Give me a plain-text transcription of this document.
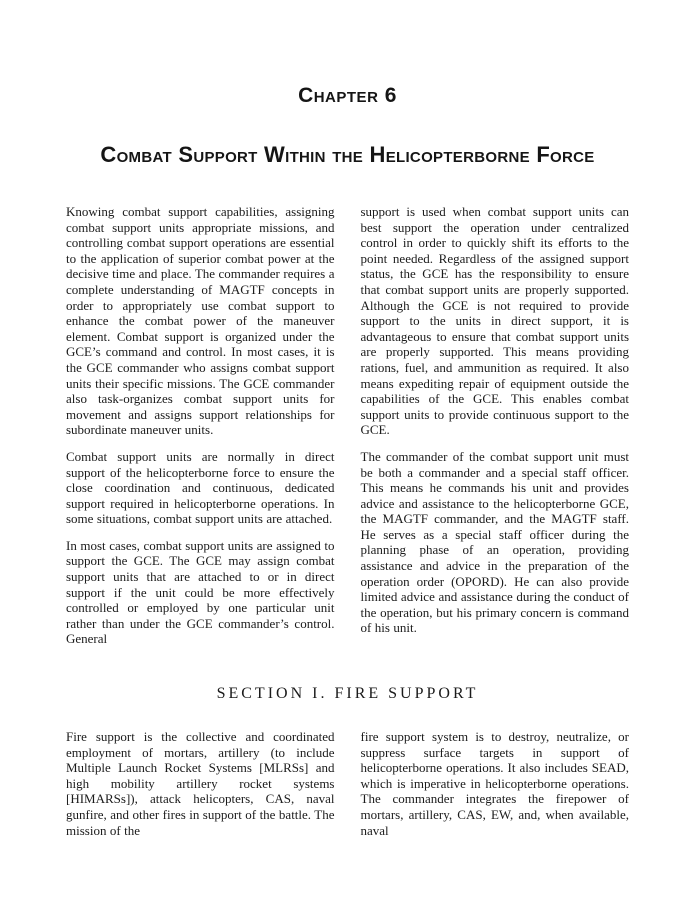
Chapter 6
Combat Support Within the Helicopterborne Force

Knowing combat support capabilities, assigning combat support units appropriate missions, and controlling combat support operations are essential to the application of superior combat power at the decisive time and place. The commander requires a complete understanding of MAGTF concepts in order to appropriately use combat support to enhance the combat power of the maneuver element. Combat support is organized under the GCE’s command and control. In most cases, it is the GCE commander who assigns combat support units their specific missions. The GCE commander also task-organizes combat support units for movement and assigns support relationships for subordinate maneuver units.

Combat support units are normally in direct support of the helicopterborne force to ensure the close coordination and continuous, dedicated support required in helicopterborne operations. In some situations, combat support units are attached.

In most cases, combat support units are assigned to support the GCE. The GCE may assign combat support units that are attached to or in direct support if the unit could be more effectively controlled or employed by one particular unit rather than under the GCE commander’s control. General

support is used when combat support units can best support the operation under centralized control in order to quickly shift its efforts to the point needed. Regardless of the assigned support status, the GCE has the responsibility to ensure that combat support units are properly supported. Although the GCE is not required to provide support to the units in direct support, it is advantageous to ensure that combat support units are properly supported. This means providing rations, fuel, and ammunition as required. It also means expediting repair of equipment outside the capabilities of the GCE. This enables combat support units to provide continuous support to the GCE.

The commander of the combat support unit must be both a commander and a special staff officer. This means he commands his unit and provides advice and assistance to the helicopterborne GCE, the MAGTF commander, and the MAGTF staff. He serves as a special staff officer during the planning phase of an operation, providing assistance and advice in the preparation of the operation order (OPORD). He can also provide limited advice and assistance during the conduct of the operation, but his primary concern is command of his unit.

SECTION I. FIRE SUPPORT

Fire support is the collective and coordinated employment of mortars, artillery (to include Multiple Launch Rocket Systems [MLRSs] and high mobility artillery rocket systems [HIMARSs]), attack helicopters, CAS, naval gunfire, and other fires in support of the battle. The mission of the

fire support system is to destroy, neutralize, or suppress surface targets in support of helicopterborne operations. It also includes SEAD, which is imperative in helicopterborne operations. The commander integrates the firepower of mortars, artillery, CAS, EW, and, when available, naval
